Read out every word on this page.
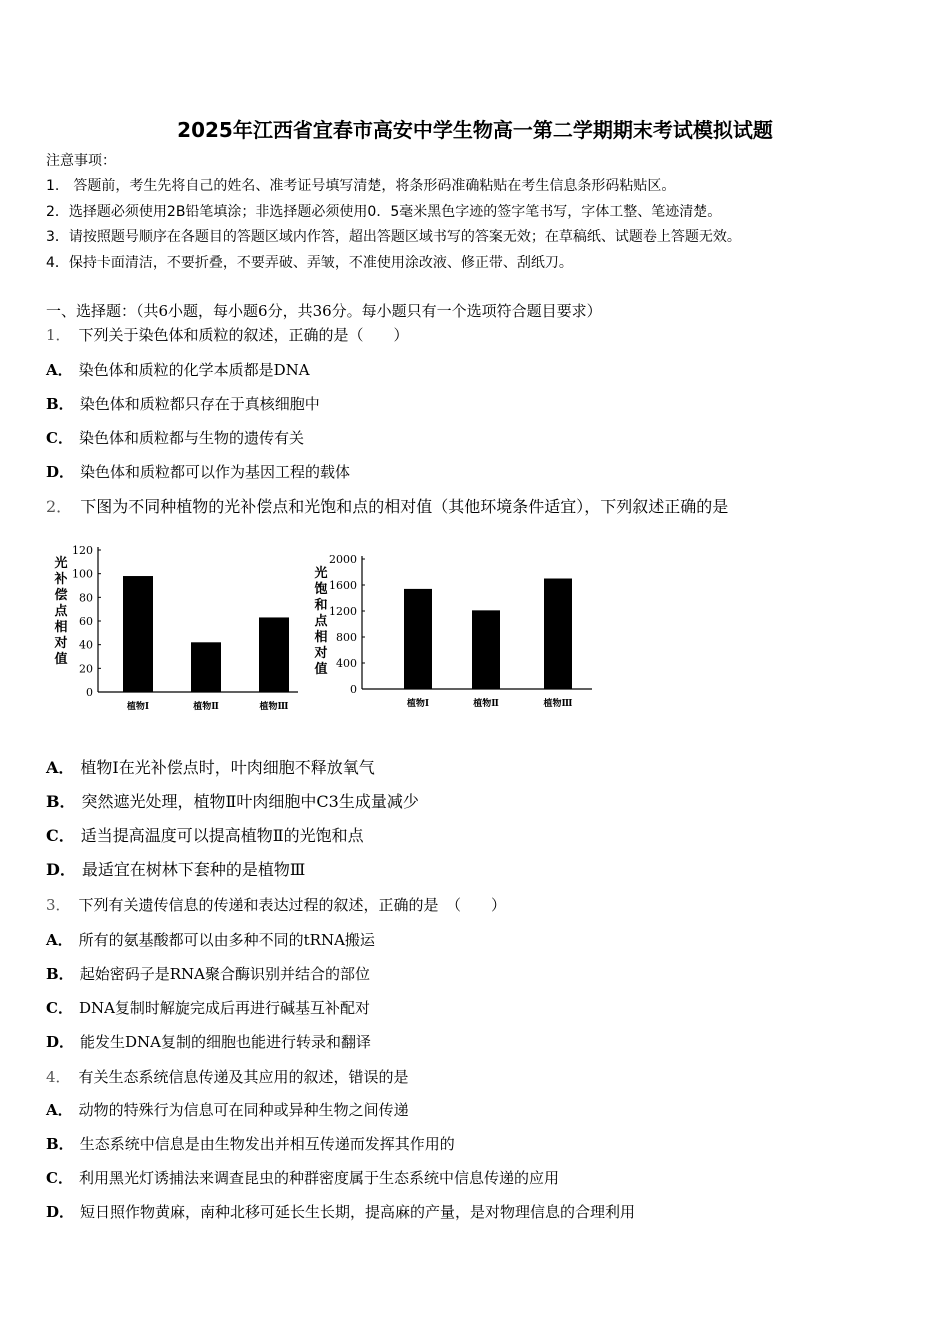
2025年江西省宜春市高安中学生物高一第二学期期末考试模拟试题
注意事项：
1.　答题前，考生先将自己的姓名、准考证号填写清楚，将条形码准确粘贴在考生信息条形码粘贴区。
2．选择题必须使用2B铅笔填涂；非选择题必须使用0．5毫米黑色字迹的签字笔书写，字体工整、笔迹清楚。
3．请按照题号顺序在各题目的答题区域内作答，超出答题区域书写的答案无效；在草稿纸、试题卷上答题无效。
4．保持卡面清洁，不要折叠，不要弄破、弄皱，不准使用涂改液、修正带、刮纸刀。
一、选择题：（共6小题，每小题6分，共36分。每小题只有一个选项符合题目要求）
1． 下列关于染色体和质粒的叙述，正确的是（　　）
A． 染色体和质粒的化学本质都是DNA
B． 染色体和质粒都只存在于真核细胞中
C． 染色体和质粒都与生物的遗传有关
D． 染色体和质粒都可以作为基因工程的载体
2． 下图为不同种植物的光补偿点和光饱和点的相对值（其他环境条件适宜），下列叙述正确的是
A． 植物Ⅰ在光补偿点时，叶肉细胞不释放氧气
B． 突然遮光处理，植物Ⅱ叶肉细胞中C3生成量减少
C． 适当提高温度可以提高植物Ⅱ的光饱和点
D． 最适宜在树林下套种的是植物Ⅲ
3． 下列有关遗传信息的传递和表达过程的叙述，正确的是　（　　）
A． 所有的氨基酸都可以由多种不同的tRNA搬运
B． 起始密码子是RNA聚合酶识别并结合的部位
C． DNA复制时解旋完成后再进行碱基互补配对
D． 能发生DNA复制的细胞也能进行转录和翻译
4． 有关生态系统信息传递及其应用的叙述，错误的是
A． 动物的特殊行为信息可在同种或异种生物之间传递
B． 生态系统中信息是由生物发出并相互传递而发挥其作用的
C． 利用黑光灯诱捕法来调查昆虫的种群密度属于生态系统中信息传递的应用
D． 短日照作物黄麻，南种北移可延长生长期，提高麻的产量，是对物理信息的合理利用
0
20
40
60
80
100
120
植物Ⅰ	植物Ⅱ	植物Ⅲ
0
400
800
1200
1600
2000
植物Ⅰ	植物Ⅱ	植物Ⅲ
光补偿点相对值
光饱和点相对值
